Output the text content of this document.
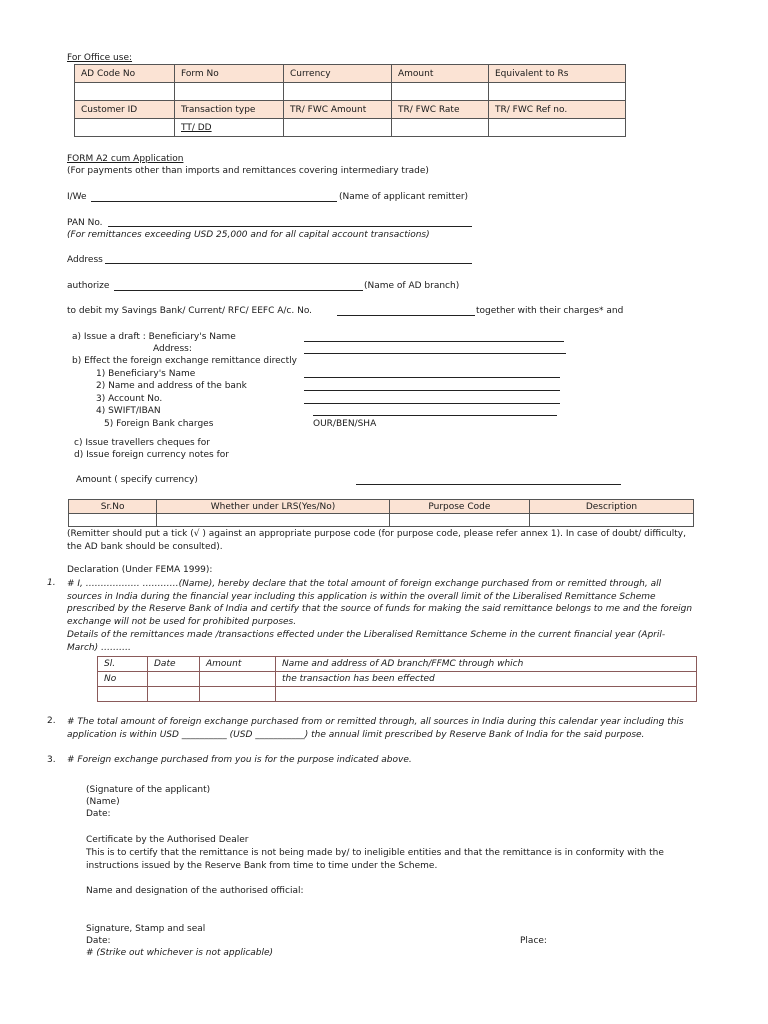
For Office use:
AD Code No	Form No	Currency	Amount	Equivalent to Rs

Customer ID	Transaction type	TR/ FWC Amount	TR/ FWC Rate	TR/ FWC Ref no.
	TT/ DD			
FORM A2 cum Application
(For payments other than imports and remittances covering intermediary trade)
I/We	(Name of applicant remitter)
PAN No.
(For remittances exceeding USD 25,000 and for all capital account transactions)
Address
authorize	(Name of AD branch)
to debit my Savings Bank/ Current/ RFC/ EEFC A/c. No.	together with their charges* and
a) Issue a draft : Beneficiary's Name
Address:
b) Effect the foreign exchange remittance directly
1) Beneficiary's Name
2) Name and address of the bank
3) Account No.
4) SWIFT/IBAN
5) Foreign Bank charges	OUR/BEN/SHA
c) Issue travellers cheques for
d) Issue foreign currency notes for
Amount ( specify currency)
Sr.No	Whether under LRS(Yes/No)	Purpose Code	Description

(Remitter should put a tick (√ ) against an appropriate purpose code (for purpose code, please refer annex 1). In case of doubt/ difficulty, the AD bank should be consulted).
Declaration (Under FEMA 1999):
1. # I, ……………… …………(Name), hereby declare that the total amount of foreign exchange purchased from or remitted through, all sources in India during the financial year including this application is within the overall limit of the Liberalised Remittance Scheme prescribed by the Reserve Bank of India and certify that the source of funds for making the said remittance belongs to me and the foreign exchange will not be used for prohibited purposes.
Details of the remittances made /transactions effected under the Liberalised Remittance Scheme in the current financial year (April- March) ……….
Sl.	Date	Amount	Name and address of AD branch/FFMC through which
No			the transaction has been effected

2. # The total amount of foreign exchange purchased from or remitted through, all sources in India during this calendar year including this application is within USD __________ (USD ___________) the annual limit prescribed by Reserve Bank of India for the said purpose.
3. # Foreign exchange purchased from you is for the purpose indicated above.
(Signature of the applicant)
(Name)
Date:
Certificate by the Authorised Dealer
This is to certify that the remittance is not being made by/ to ineligible entities and that the remittance is in conformity with the instructions issued by the Reserve Bank from time to time under the Scheme.
Name and designation of the authorised official:
Signature, Stamp and seal
Date:	Place:
# (Strike out whichever is not applicable)
